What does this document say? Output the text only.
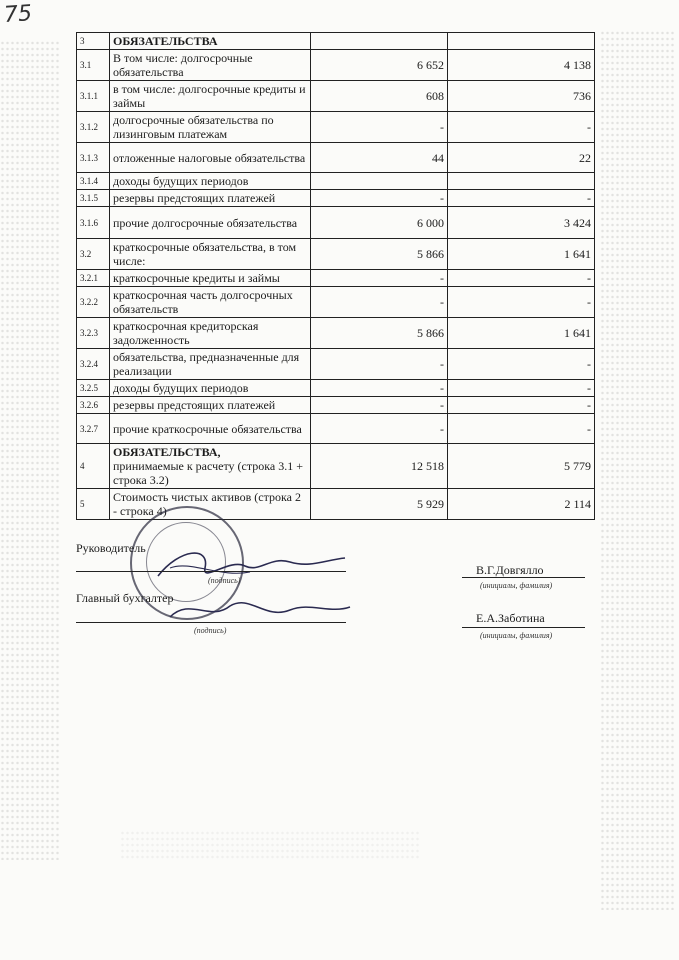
75
3	ОБЯЗАТЕЛЬСТВА		
3.1	В том числе: долгосрочные обязательства	6 652	4 138
3.1.1	в том числе: долгосрочные кредиты и займы	608	736
3.1.2	долгосрочные обязательства по лизинговым платежам	-	-
3.1.3	отложенные налоговые обязательства	44	22
3.1.4	доходы будущих периодов		
3.1.5	резервы предстоящих платежей	-	-
3.1.6	прочие долгосрочные обязательства	6 000	3 424
3.2	краткосрочные обязательства, в том числе:	5 866	1 641
3.2.1	краткосрочные кредиты и займы	-	-
3.2.2	краткосрочная часть долгосрочных обязательств	-	-
3.2.3	краткосрочная кредиторская задолженность	5 866	1 641
3.2.4	обязательства, предназначенные для реализации	-	-
3.2.5	доходы будущих периодов	-	-
3.2.6	резервы предстоящих платежей	-	-
3.2.7	прочие краткосрочные обязательства	-	-
4	ОБЯЗАТЕЛЬСТВА,
принимаемые к расчету (строка 3.1 + строка 3.2)	12 518	5 779
5	Стоимость чистых активов (строка 2 - строка 4)	5 929	2 114
Руководитель
(подпись)
В.Г.Довгялло
(инициалы, фамилия)
Главный бухгалтер
(подпись)
Е.А.Заботина
(инициалы, фамилия)
